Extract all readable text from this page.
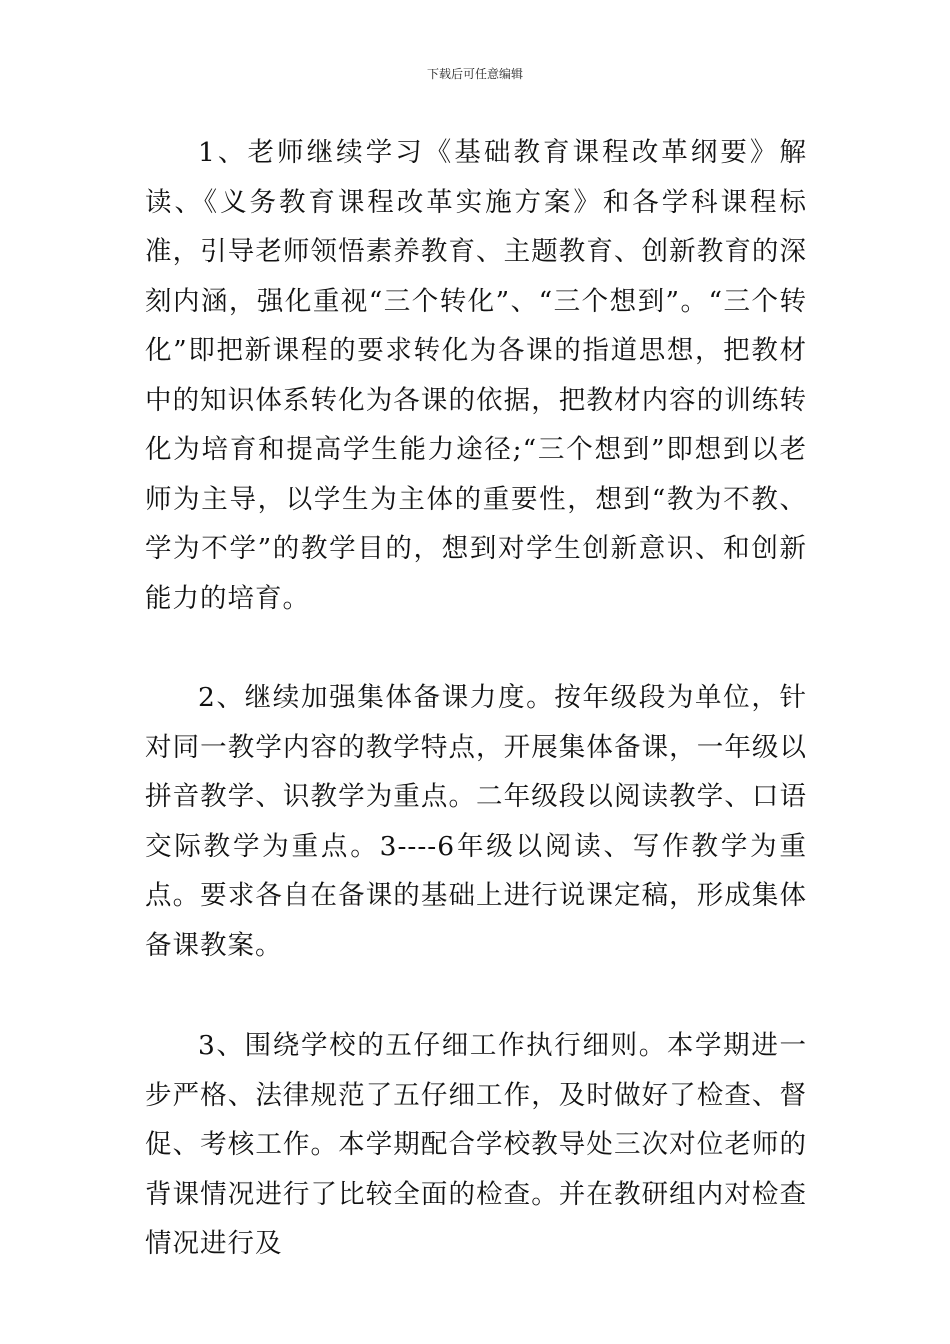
下载后可任意编辑

1、老师继续学习《基础教育课程改革纲要》解读、《义务教育课程改革实施方案》和各学科课程标准，引导老师领悟素养教育、主题教育、创新教育的深刻内涵，强化重视“三个转化”、“三个想到”。“三个转化”即把新课程的要求转化为各课的指道思想，把教材中的知识体系转化为各课的依据，把教材内容的训练转化为培育和提高学生能力途径;“三个想到”即想到以老师为主导，以学生为主体的重要性，想到“教为不教、学为不学”的教学目的，想到对学生创新意识、和创新能力的培育。

2、继续加强集体备课力度。按年级段为单位，针对同一教学内容的教学特点，开展集体备课，一年级以拼音教学、识教学为重点。二年级段以阅读教学、口语交际教学为重点。3----6年级以阅读、写作教学为重点。要求各自在备课的基础上进行说课定稿，形成集体备课教案。

3、围绕学校的五仔细工作执行细则。本学期进一步严格、法律规范了五仔细工作，及时做好了检查、督促、考核工作。本学期配合学校教导处三次对位老师的背课情况进行了比较全面的检查。并在教研组内对检查情况进行及
